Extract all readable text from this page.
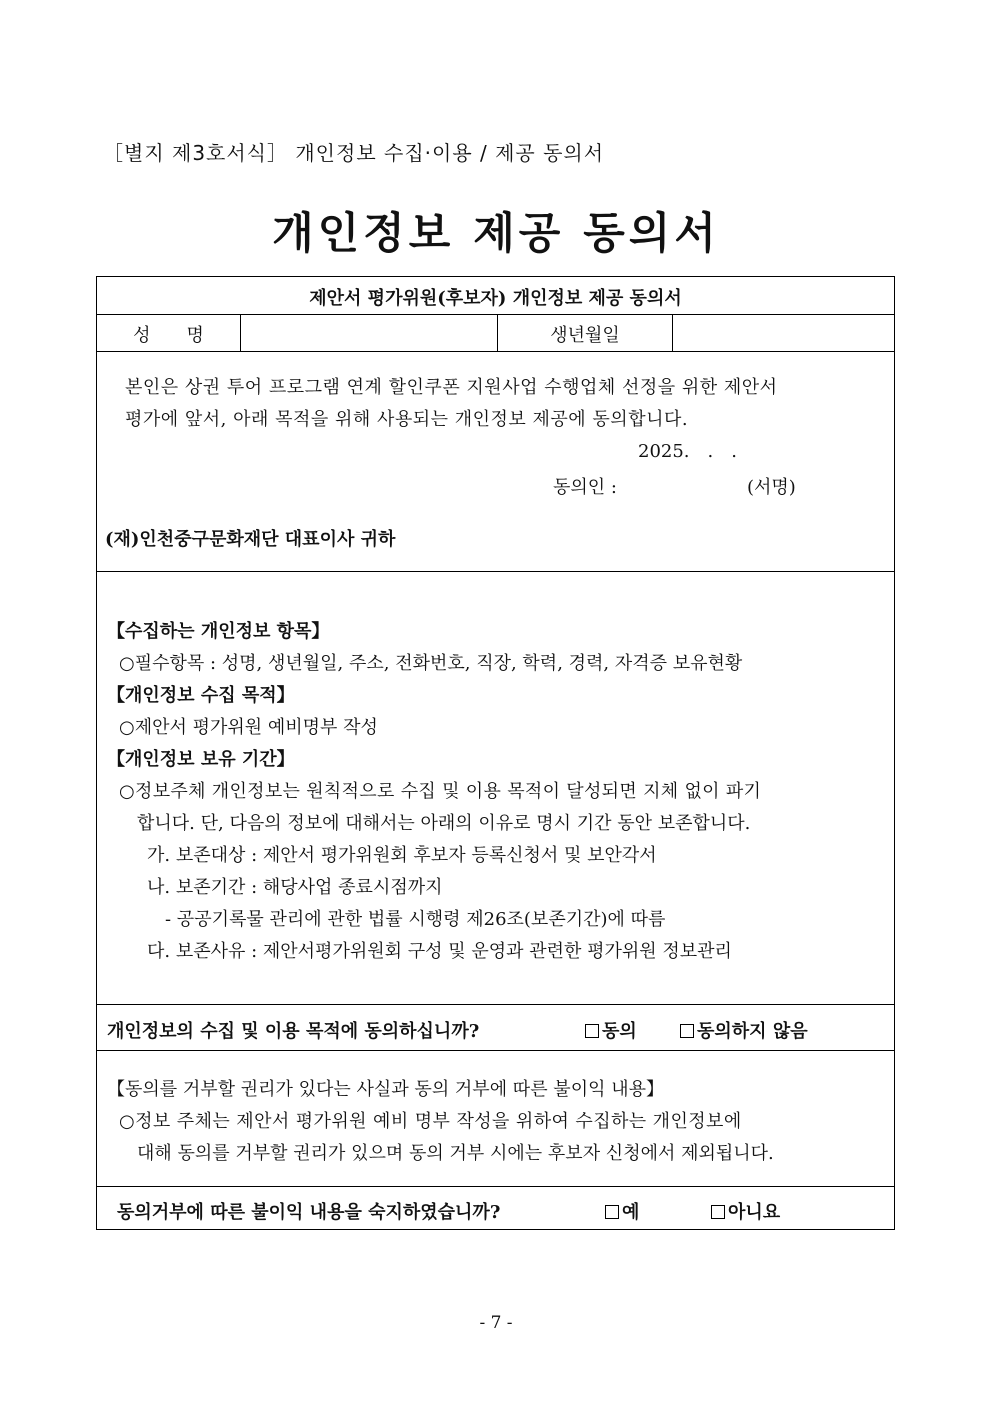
［별지 제3호서식］ 개인정보 수집·이용 / 제공 동의서
개인정보 제공 동의서
제안서 평가위원(후보자) 개인정보 제공 동의서
성　　명	생년월일
본인은 상권 투어 프로그램 연계 할인쿠폰 지원사업 수행업체 선정을 위한 제안서
평가에 앞서, 아래 목적을 위해 사용되는 개인정보 제공에 동의합니다.
2025.　.　.
동의인 :	(서명)
(재)인천중구문화재단 대표이사 귀하
【수집하는 개인정보 항목】
○필수항목 : 성명, 생년월일, 주소, 전화번호, 직장, 학력, 경력, 자격증 보유현황
【개인정보 수집 목적】
○제안서 평가위원 예비명부 작성
【개인정보 보유 기간】
○정보주체 개인정보는 원칙적으로 수집 및 이용 목적이 달성되면 지체 없이 파기
합니다. 단, 다음의 정보에 대해서는 아래의 이유로 명시 기간 동안 보존합니다.
가. 보존대상 : 제안서 평가위원회 후보자 등록신청서 및 보안각서
나. 보존기간 : 해당사업 종료시점까지
- 공공기록물 관리에 관한 법률 시행령 제26조(보존기간)에 따름
다. 보존사유 : 제안서평가위원회 구성 및 운영과 관련한 평가위원 정보관리
개인정보의 수집 및 이용 목적에 동의하십니까?	동의	동의하지 않음
【동의를 거부할 권리가 있다는 사실과 동의 거부에 따른 불이익 내용】
○정보 주체는 제안서 평가위원 예비 명부 작성을 위하여 수집하는 개인정보에
대해 동의를 거부할 권리가 있으며 동의 거부 시에는 후보자 신청에서 제외됩니다.
동의거부에 따른 불이익 내용을 숙지하였습니까?	예	아니요
- 7 -
